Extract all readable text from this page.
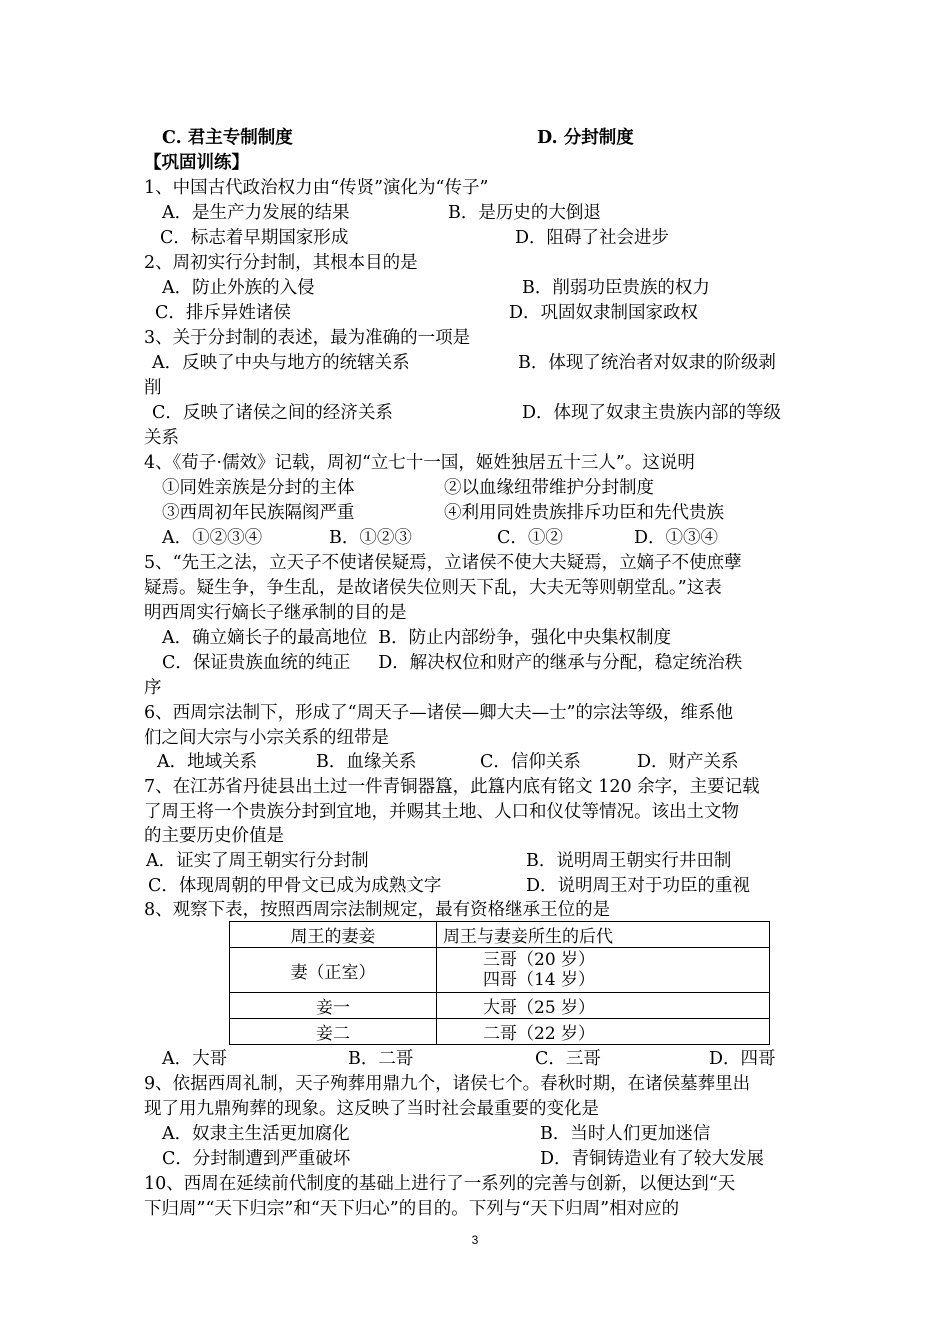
C. 君主专制制度	D. 分封制度
【巩固训练】
1、中国古代政治权力由“传贤”演化为“传子”
A．是生产力发展的结果	B．是历史的大倒退
C．标志着早期国家形成	D．阻碍了社会进步
2、周初实行分封制，其根本目的是
A．防止外族的入侵	B．削弱功臣贵族的权力
C．排斥异姓诸侯	D．巩固奴隶制国家政权
3、关于分封制的表述，最为准确的一项是
A．反映了中央与地方的统辖关系	B．体现了统治者对奴隶的阶级剥
削
C．反映了诸侯之间的经济关系	D．体现了奴隶主贵族内部的等级
关系
4、《荀子·儒效》记载，周初“立七十一国，姬姓独居五十三人”。这说明
①同姓亲族是分封的主体	②以血缘纽带维护分封制度
③西周初年民族隔阂严重	④利用同姓贵族排斥功臣和先代贵族
A．①②③④	B．①②③	C．①②	D．①③④
5、“先王之法，立天子不使诸侯疑焉，立诸侯不使大夫疑焉，立嫡子不使庶孽
疑焉。疑生争，争生乱，是故诸侯失位则天下乱，大夫无等则朝堂乱。”这表
明西周实行嫡长子继承制的目的是
A．确立嫡长子的最高地位  B．防止内部纷争，强化中央集权制度
C．保证贵族血统的纯正     D．解决权位和财产的继承与分配，稳定统治秩
序
6、西周宗法制下，形成了“周天子—诸侯—卿大夫—士”的宗法等级，维系他
们之间大宗与小宗关系的纽带是
A．地域关系	B．血缘关系	C．信仰关系	D．财产关系
7、在江苏省丹徒县出土过一件青铜器簋，此簋内底有铭文 120 余字，主要记载
了周王将一个贵族分封到宜地，并赐其土地、人口和仪仗等情况。该出土文物
的主要历史价值是
A．证实了周王朝实行分封制	B．说明周王朝实行井田制
C．体现周朝的甲骨文已成为成熟文字	D．说明周王对于功臣的重视
8、观察下表，按照西周宗法制规定，最有资格继承王位的是
周王的妻妾	周王与妻妾所生的后代
妻（正室）	三哥（20 岁）
四哥（14 岁）

妾一	大哥（25 岁）
妾二	二哥（22 岁）
A．大哥	B．二哥	C．三哥	D．四哥
9、依据西周礼制，天子殉葬用鼎九个，诸侯七个。春秋时期，在诸侯墓葬里出
现了用九鼎殉葬的现象。这反映了当时社会最重要的变化是
A．奴隶主生活更加腐化	B．当时人们更加迷信
C．分封制遭到严重破坏	D．青铜铸造业有了较大发展
10、西周在延续前代制度的基础上进行了一系列的完善与创新，以便达到“天
下归周”“天下归宗”和“天下归心”的目的。下列与“天下归周”相对应的
3
